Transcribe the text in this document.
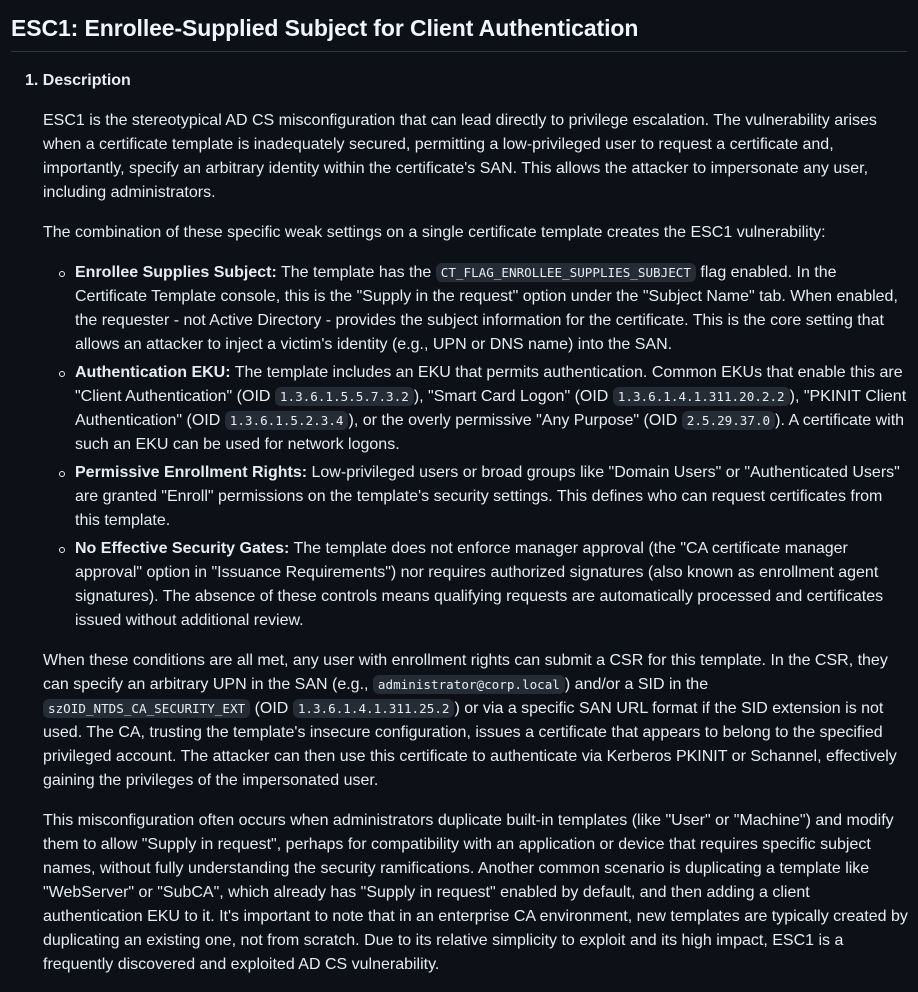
ESC1: Enrollee-Supplied Subject for Client Authentication
1. Description

ESC1 is the stereotypical AD CS misconfiguration that can lead directly to privilege escalation. The vulnerability arises when a certificate template is inadequately secured, permitting a low-privileged user to request a certificate and, importantly, specify an arbitrary identity within the certificate's SAN. This allows the attacker to impersonate any user, including administrators.

The combination of these specific weak settings on a single certificate template creates the ESC1 vulnerability:

Enrollee Supplies Subject: The template has the CT_FLAG_ENROLLEE_SUPPLIES_SUBJECT flag enabled. In the Certificate Template console, this is the "Supply in the request" option under the "Subject Name" tab. When enabled, the requester - not Active Directory - provides the subject information for the certificate. This is the core setting that allows an attacker to inject a victim's identity (e.g., UPN or DNS name) into the SAN.
Authentication EKU: The template includes an EKU that permits authentication. Common EKUs that enable this are "Client Authentication" (OID 1.3.6.1.5.5.7.3.2 ), "Smart Card Logon" (OID 1.3.6.1.4.1.311.20.2.2 ), "PKINIT Client Authentication" (OID 1.3.6.1.5.2.3.4 ), or the overly permissive "Any Purpose" (OID 2.5.29.37.0 ). A certificate with such an EKU can be used for network logons.
Permissive Enrollment Rights: Low-privileged users or broad groups like "Domain Users" or "Authenticated Users" are granted "Enroll" permissions on the template's security settings. This defines who can request certificates from this template.
No Effective Security Gates: The template does not enforce manager approval (the "CA certificate manager approval" option in "Issuance Requirements") nor requires authorized signatures (also known as enrollment agent signatures). The absence of these controls means qualifying requests are automatically processed and certificates issued without additional review.

When these conditions are all met, any user with enrollment rights can submit a CSR for this template. In the CSR, they can specify an arbitrary UPN in the SAN (e.g., administrator@corp.local ) and/or a SID in the szOID_NTDS_CA_SECURITY_EXT (OID 1.3.6.1.4.1.311.25.2 ) or via a specific SAN URL format if the SID extension is not used. The CA, trusting the template's insecure configuration, issues a certificate that appears to belong to the specified privileged account. The attacker can then use this certificate to authenticate via Kerberos PKINIT or Schannel, effectively gaining the privileges of the impersonated user.

This misconfiguration often occurs when administrators duplicate built-in templates (like "User" or "Machine") and modify them to allow "Supply in request", perhaps for compatibility with an application or device that requires specific subject names, without fully understanding the security ramifications. Another common scenario is duplicating a template like "WebServer" or "SubCA", which already has "Supply in request" enabled by default, and then adding a client authentication EKU to it. It's important to note that in an enterprise CA environment, new templates are typically created by duplicating an existing one, not from scratch. Due to its relative simplicity to exploit and its high impact, ESC1 is a frequently discovered and exploited AD CS vulnerability.
